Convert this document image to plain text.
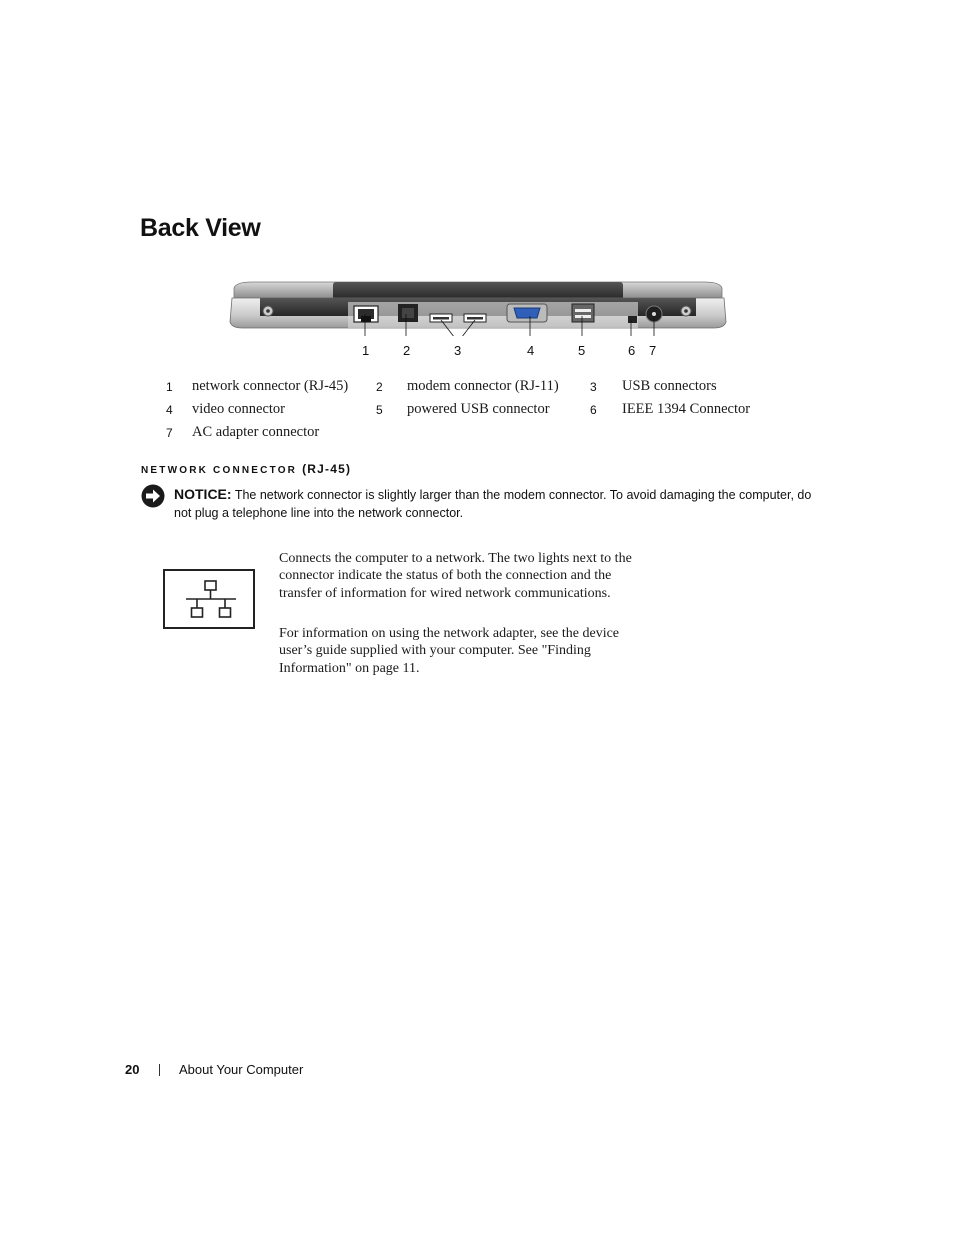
Back View
1	2	3	4	5	6 7
1 network connector (RJ-45) 2 modem connector (RJ-11)	3 USB connectors
4 video connector	5 powered USB connector	6 IEEE 1394 Connector
7 AC adapter connector
NETWORK CONNECTOR (RJ-45)
NOTICE: The network connector is slightly larger than the modem connector. To avoid damaging the computer, do not plug a telephone line into the network connector.

Connects the computer to a network. The two lights next to the connector indicate the status of both the connection and the transfer of information for wired network communications.

For information on using the network adapter, see the device user’s guide supplied with your computer. See "Finding Information" on page 11.

20	About Your Computer
